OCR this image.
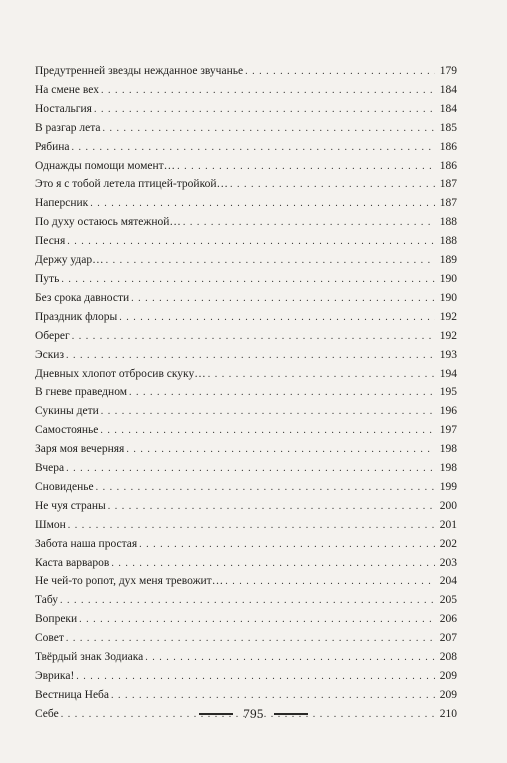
Предутренней звезды нежданное звучанье . . .	179
На смене вех . . .	184
Ностальгия . . .	184
В разгар лета . . .	185
Рябина . . .	186
Однажды помощи момент… . . .	186
Это я с тобой летела птицей-тройкой… . . .	187
Наперсник . . .	187
По духу остаюсь мятежной… . . .	188
Песня . . .	188
Держу удар… . . .	189
Путь . . .	190
Без срока давности . . .	190
Праздник флоры . . .	192
Оберег . . .	192
Эскиз . . .	193
Дневных хлопот отбросив скуку… . . .	194
В гневе праведном . . .	195
Сукины дети . . .	196
Самостоянье . . .	197
Заря моя вечерняя . . .	198
Вчера . . .	198
Сновиденье . . .	199
Не чуя страны . . .	200
Шмон . . .	201
Забота наша простая . . .	202
Каста варваров . . .	203
Не чей-то ропот, дух меня тревожит… . . .	204
Табу . . .	205
Вопреки . . .	206
Совет . . .	207
Твёрдый знак Зодиака . . .	208
Эврика! . . .	209
Вестница Неба . . .	209
Себе . . .	210
795
